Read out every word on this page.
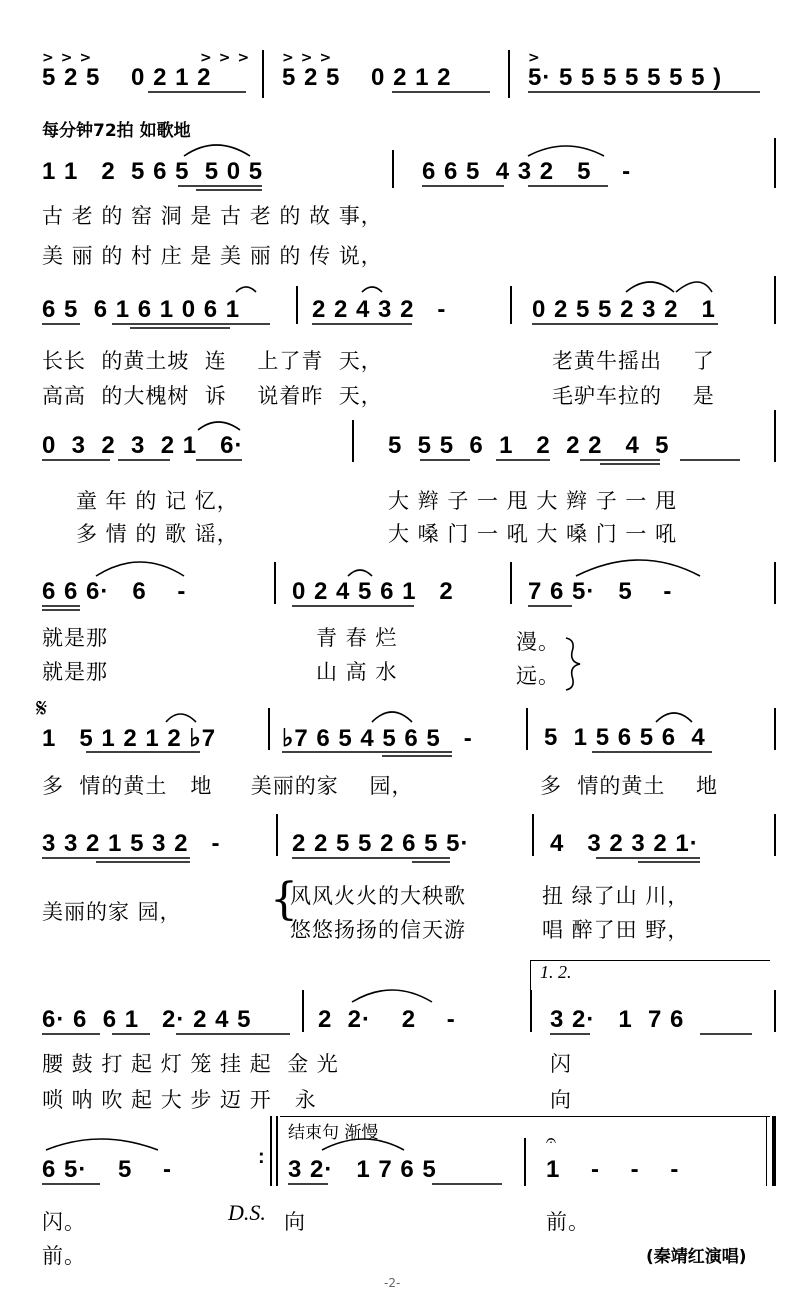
>>>	>>> >>>	>
5 2 5    0 2 1 2	5 2 5    0 2 1 2	5· 5 5 5 5 5 5 5 )
每分钟72拍 如歌地
1 1   2  5 6 5  5 0 5	6 6 5  4 3 2   5    -
古 老 的 窑 洞 是 古 老 的 故 事，
美 丽 的 村 庄 是 美 丽 的 传 说，
6 5  6 1 6 1 0 6 1	2 2 4 3 2   -	0 2 5 5 2 3 2   1
长长  的黄土坡  连    上了青  天，	老黄牛摇出    了
高高  的大槐树  诉    说着昨  天，	毛驴车拉的    是
0  3  2  3  2 1   6·	5  5 5  6  1   2  2 2   4  5
童 年 的 记 忆，	大 辫 子 一 甩 大 辫 子 一 甩
多 情 的 歌 谣，	大 嗓 门 一 吼 大 嗓 门 一 吼
6 6 6·   6    -	0 2 4 5 6 1   2	7 6 5·   5    -
就是那	青 春 烂	漫。
就是那	山 高 水	远。
𝄋
1   5 1 2 1 2 ♭7	♭7 6 5 4 5 6 5   -	5  1 5 6 5 6  4
多  情的黄土   地     美丽的家    园，	多  情的黄土    地
3 3 2 1 5 3 2   -	2 2 5 5 2 6 5 5·	4   3 2 3 2 1·
美丽的家 园， {
风风火火的大秧歌	扭 绿了山 川，
悠悠扬扬的信天游	唱 醉了田 野，
1. 2.
6· 6  6 1   2· 2 4 5	2  2·    2    -	3 2·   1  7 6
腰 鼓 打 起 灯 笼 挂 起  金 光	闪
唢 呐 吹 起 大 步 迈 开   永	向
结束句 渐慢
6 5·    5    -	: 3 2·   1 7 6 5
𝄐
1    -    -    -
闪。	D.S. 向	前。
前。	(秦靖红演唱)
-2-
